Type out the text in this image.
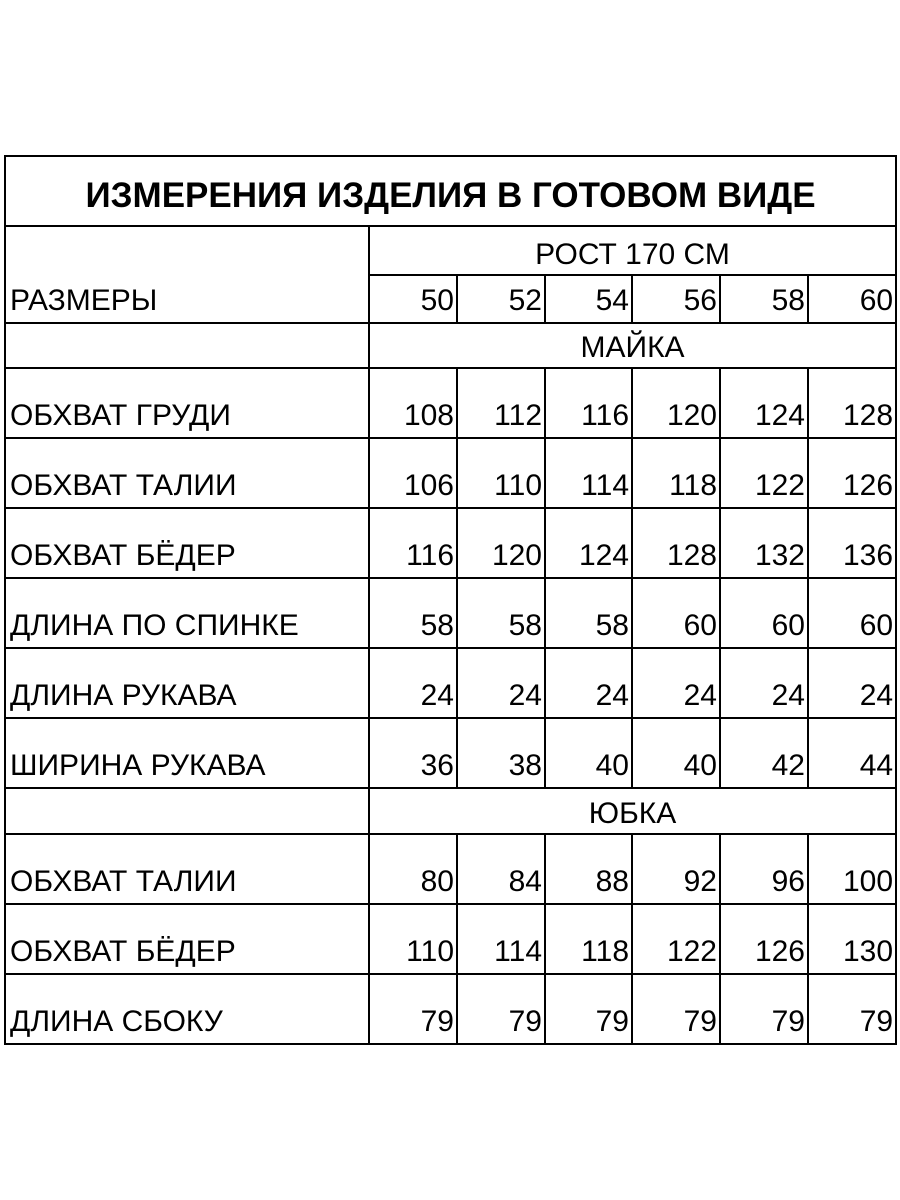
ИЗМЕРЕНИЯ ИЗДЕЛИЯ В ГОТОВОМ ВИДЕ						
РАЗМЕРЫ	РОСТ 170 СМ					
	50	52	54	56	58	60
	МАЙКА					
ОБХВАТ ГРУДИ	108	112	116	120	124	128
ОБХВАТ ТАЛИИ	106	110	114	118	122	126
ОБХВАТ БЁДЕР	116	120	124	128	132	136
ДЛИНА ПО СПИНКЕ	58	58	58	60	60	60
ДЛИНА РУКАВА	24	24	24	24	24	24
ШИРИНА РУКАВА	36	38	40	40	42	44
	ЮБКА					
ОБХВАТ ТАЛИИ	80	84	88	92	96	100
ОБХВАТ БЁДЕР	110	114	118	122	126	130
ДЛИНА СБОКУ	79	79	79	79	79	79
